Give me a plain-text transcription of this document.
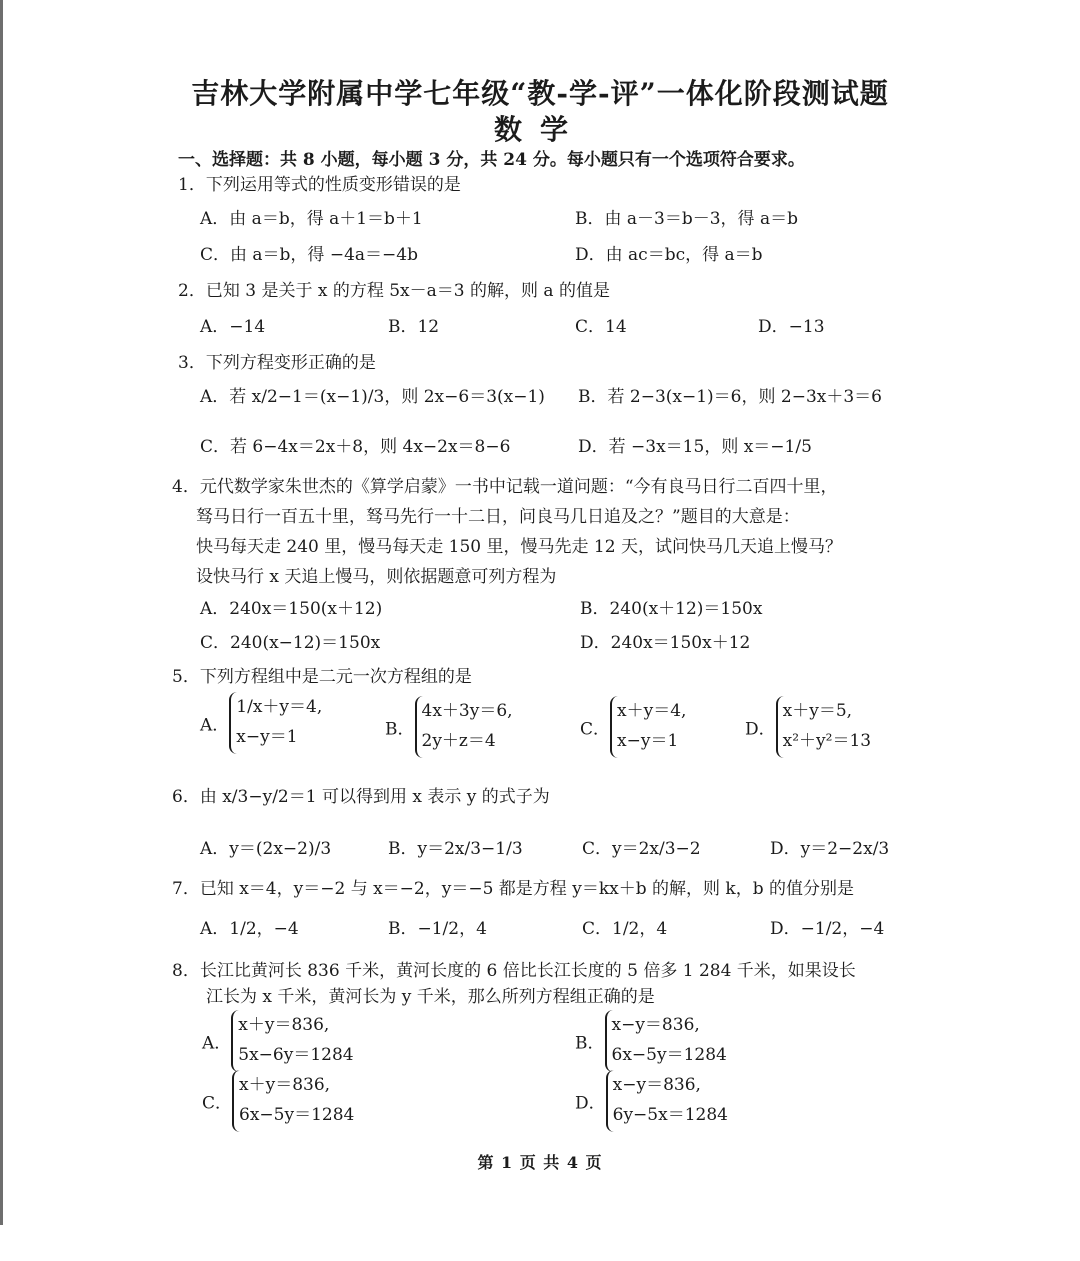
吉林大学附属中学七年级“教-学-评”一体化阶段测试题
数学
一、选择题：共 8 小题，每小题 3 分，共 24 分。每小题只有一个选项符合要求。
1．下列运用等式的性质变形错误的是
A．由 a＝b，得 a＋1＝b＋1	B．由 a－3＝b－3，得 a＝b
C．由 a＝b，得 −4a＝−4b	D．由 ac＝bc，得 a＝b
2．已知 3 是关于 x 的方程 5x－a＝3 的解，则 a 的值是
A．−14	B．12	C．14	D．−13
3．下列方程变形正确的是
A．若 x/2−1＝(x−1)/3，则 2x−6＝3(x−1) B．若 2−3(x−1)＝6，则 2−3x＋3＝6
C．若 6−4x＝2x＋8，则 4x−2x＝8−6	D．若 −3x＝15，则 x＝−1/5
4．元代数学家朱世杰的《算学启蒙》一书中记载一道问题：“今有良马日行二百四十里，
驽马日行一百五十里，驽马先行一十二日，问良马几日追及之？”题目的大意是：
快马每天走 240 里，慢马每天走 150 里，慢马先走 12 天，试问快马几天追上慢马？
设快马行 x 天追上慢马，则依据题意可列方程为
A．240x＝150(x＋12)	B．240(x＋12)＝150x
C．240(x−12)＝150x	D．240x＝150x＋12
5．下列方程组中是二元一次方程组的是
A．
1/x＋y＝4,
x−y＝1	B．
4x＋3y＝6,
2y＋z＝4
C．
x＋y＝4,
x−y＝1
D．
x＋y＝5,
x²＋y²＝13
6．由 x/3−y/2＝1 可以得到用 x 表示 y 的式子为
A．y＝(2x−2)/3	B．y＝2x/3−1/3	C．y＝2x/3−2	D．y＝2−2x/3
7．已知 x＝4，y＝−2 与 x＝−2，y＝−5 都是方程 y＝kx＋b 的解，则 k，b 的值分别是
A．1/2，−4	B．−1/2，4	C．1/2，4	D．−1/2，−4
8．长江比黄河长 836 千米，黄河长度的 6 倍比长江长度的 5 倍多 1 284 千米，如果设长
江长为 x 千米，黄河长为 y 千米，那么所列方程组正确的是
A．
x＋y＝836,
5x−6y＝1284
B．
x−y＝836,
6x−5y＝1284
C．
x＋y＝836,
6x−5y＝1284
D．
x−y＝836,
6y−5x＝1284
第 1 页 共 4 页
